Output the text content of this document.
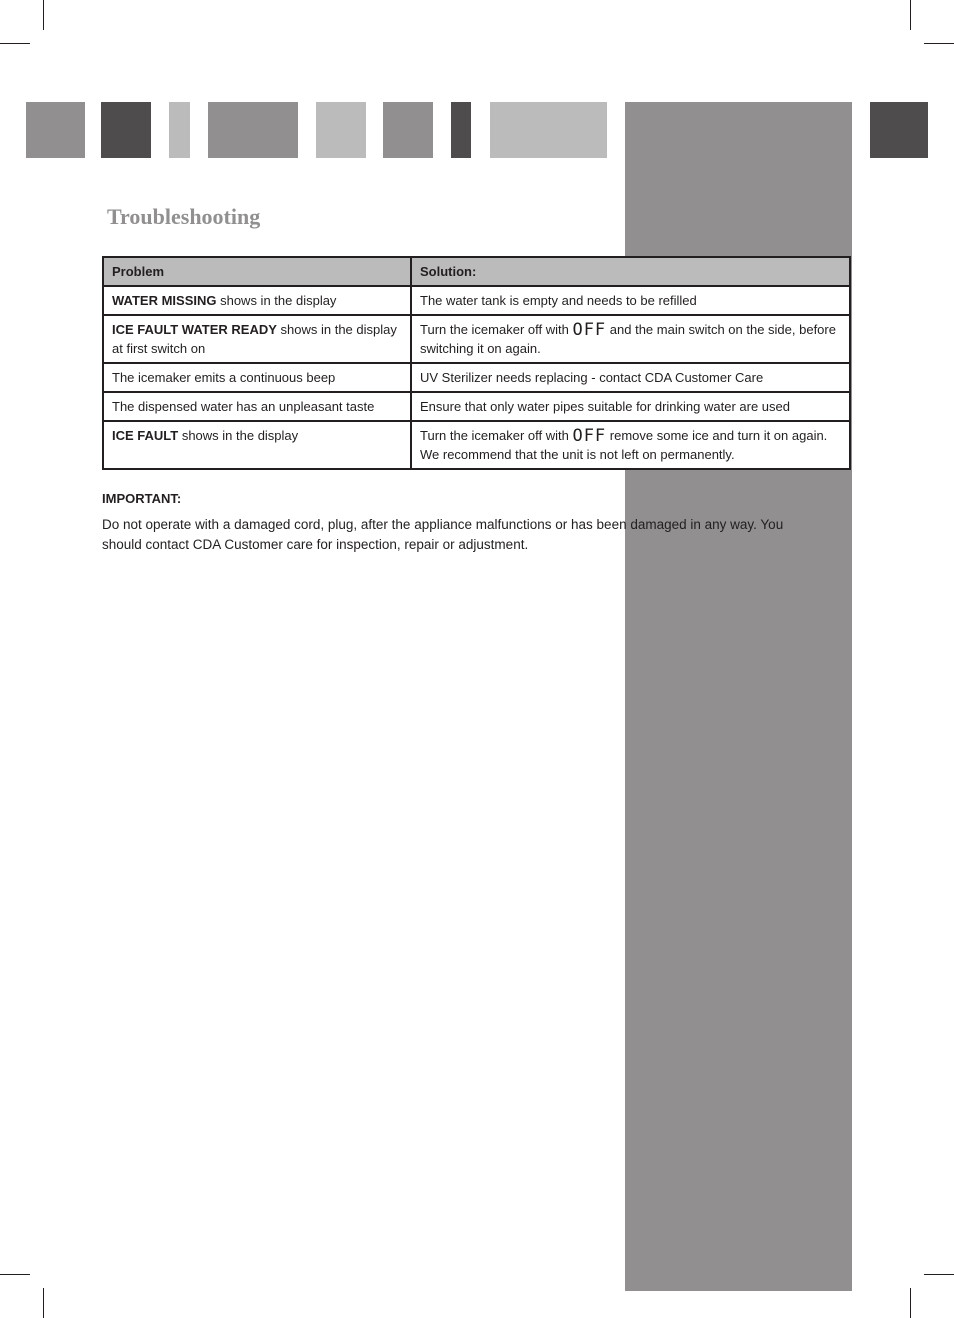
Troubleshooting
Problem	Solution:
WATER MISSING shows in the display	The water tank is empty and needs to be refilled
ICE FAULT WATER READY shows in the display at first switch on	Turn the icemaker off with OFF and the main switch on the side, before switching it on again.
The icemaker emits a continuous beep	UV Sterilizer needs replacing - contact CDA Customer Care
The dispensed water has an unpleasant taste	Ensure that only water pipes suitable for drinking water are used
ICE FAULT shows in the display	Turn the icemaker off with OFF remove some ice and turn it on again. We recommend that the unit is not left on permanently.

IMPORTANT:

Do not operate with a damaged cord, plug, after the appliance malfunctions or has been damaged in any way. You should contact CDA Customer care for inspection, repair or adjustment.
